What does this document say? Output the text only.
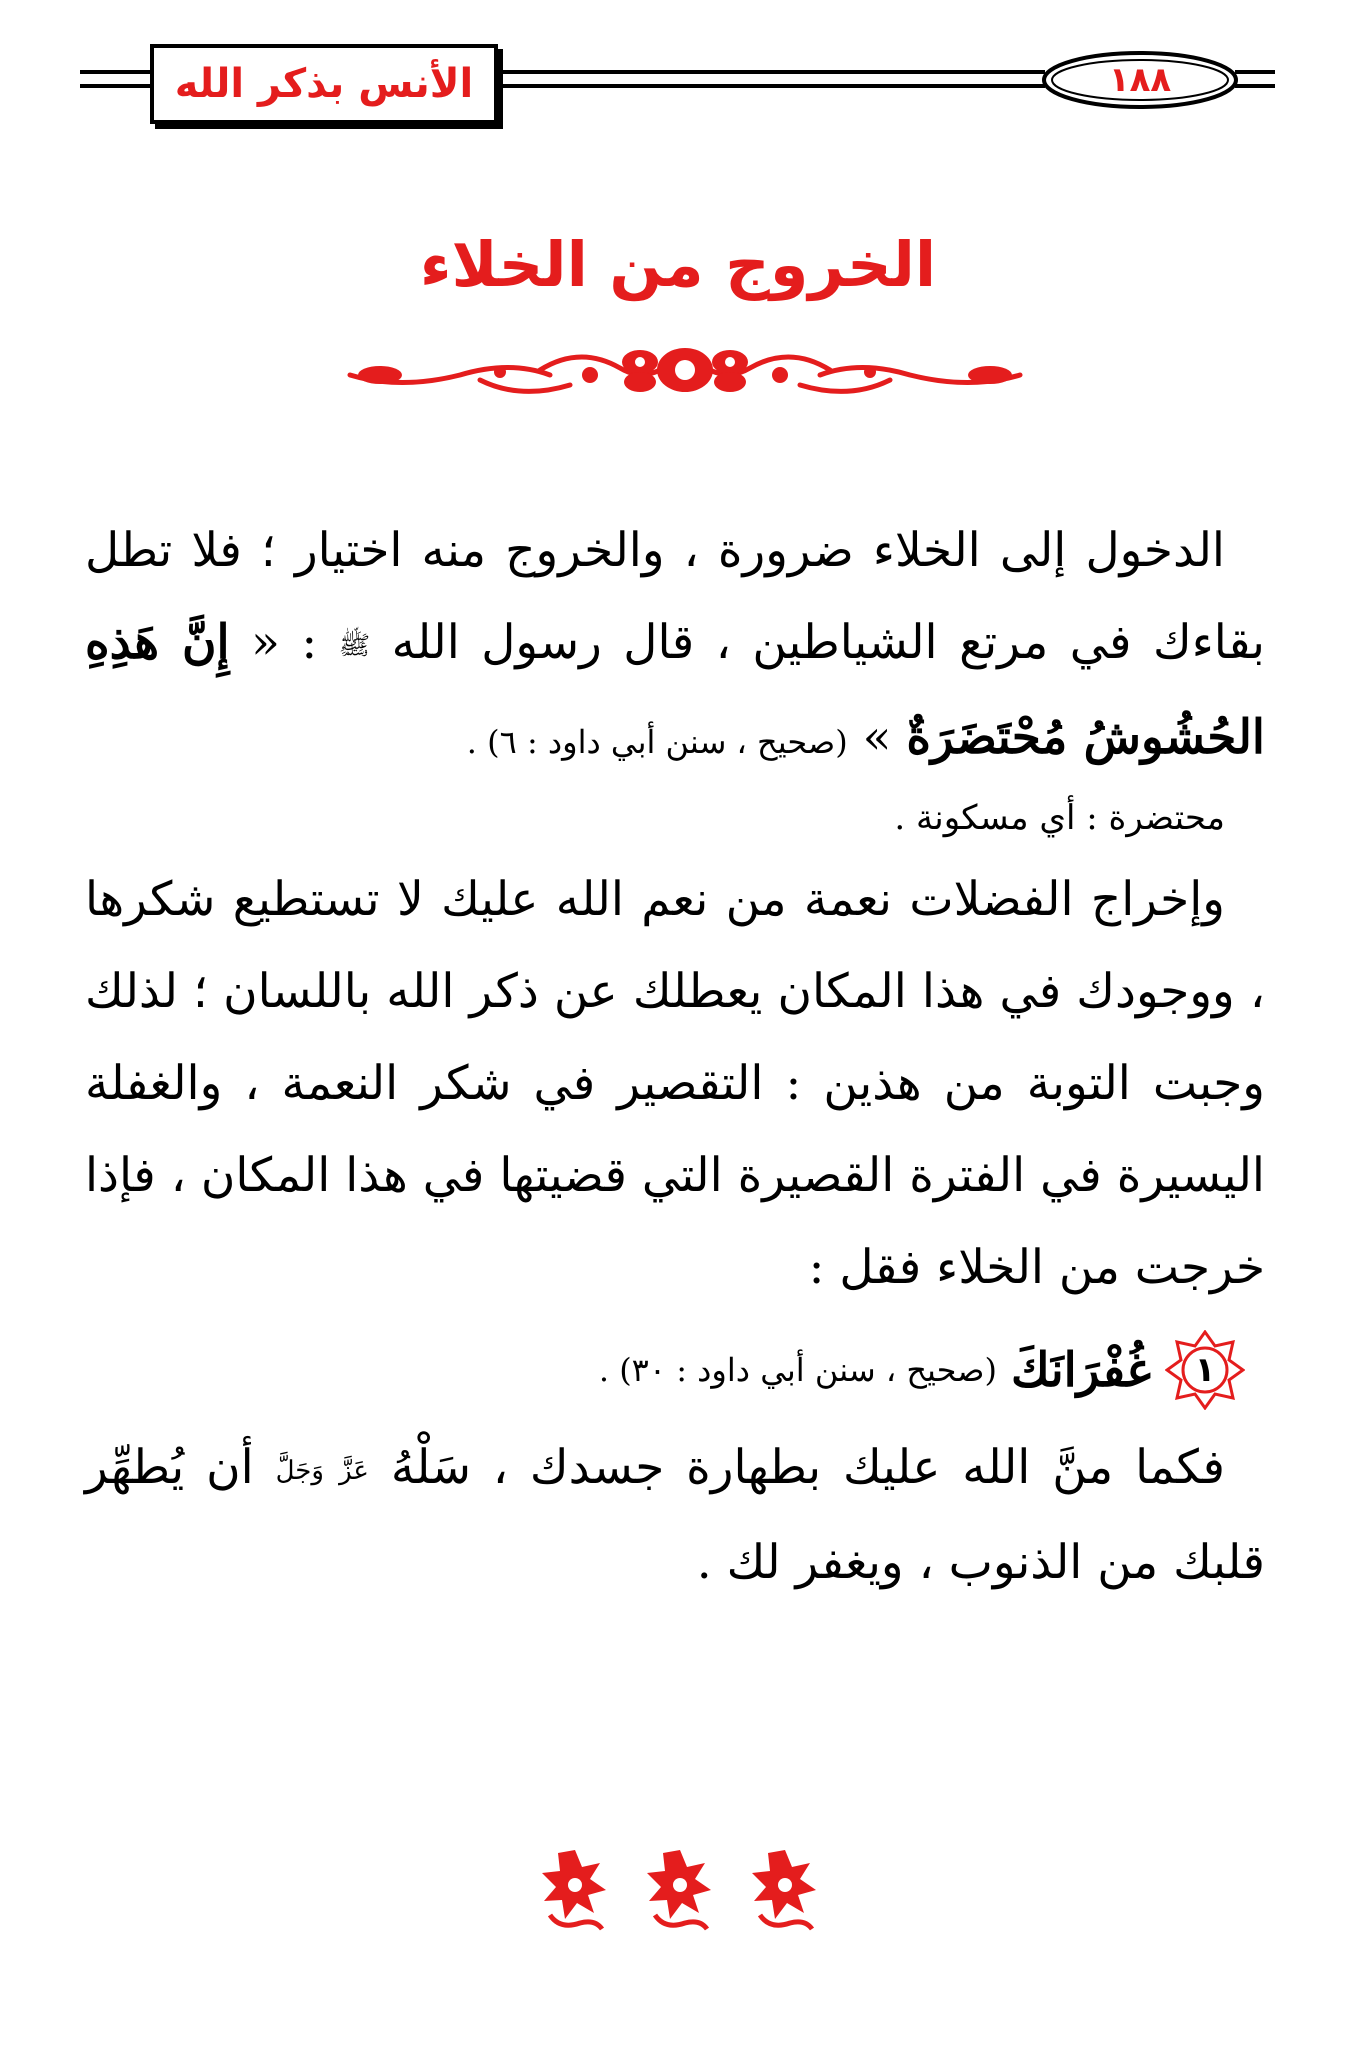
الأنس بذكر الله	١٨٨
الخروج من الخلاء

الدخول إلى الخلاء ضرورة ، والخروج منه اختيار ؛ فلا تطل بقاءك في مرتع الشياطين ، قال رسول الله ﷺ : « إِنَّ هَذِهِ الحُشُوشُ مُحْتَضَرَةٌ » (صحيح ، سنن أبي داود : ٦) .

محتضرة : أي مسكونة .

وإخراج الفضلات نعمة من نعم الله عليك لا تستطيع شكرها ، ووجودك في هذا المكان يعطلك عن ذكر الله باللسان ؛ لذلك وجبت التوبة من هذين : التقصير في شكر النعمة ، والغفلة اليسيرة في الفترة القصيرة التي قضيتها في هذا المكان ، فإذا خرجت من الخلاء فقل :

١
غُفْرَانَكَ
(صحيح ، سنن أبي داود : ٣٠) .

فكما منَّ الله عليك بطهارة جسدك ، سَلْهُ عَزَّ وَجَلَّ أن يُطهِّر قلبك من الذنوب ، ويغفر لك .
